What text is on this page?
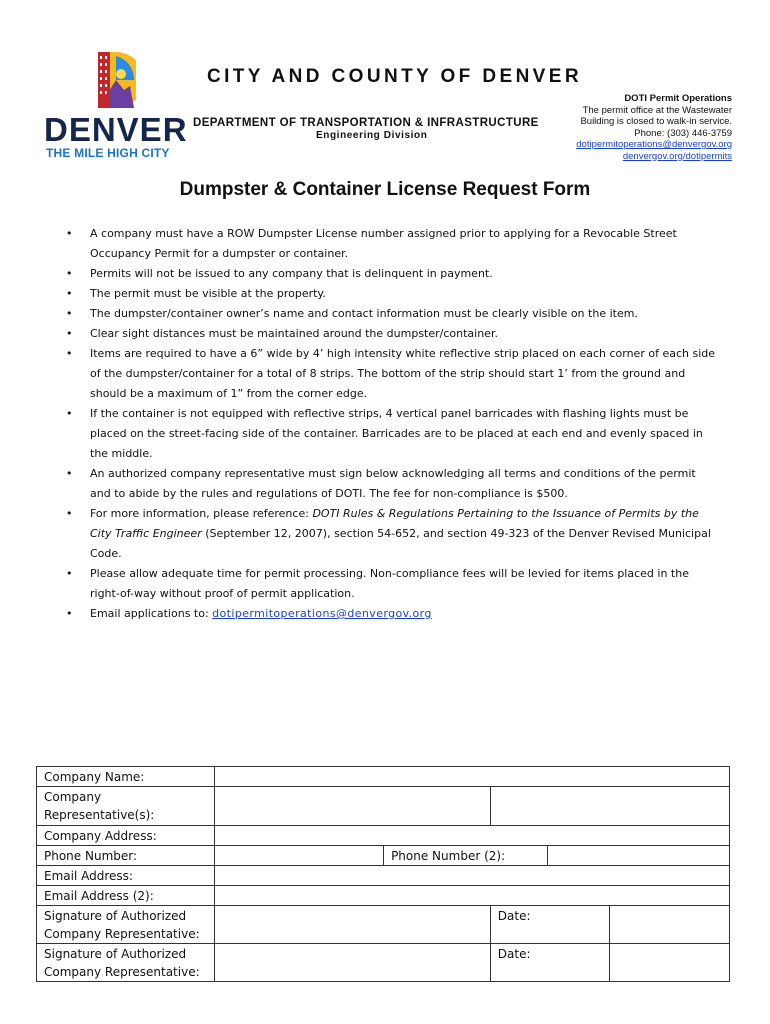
DENVER
THE MILE HIGH CITY
CITY AND COUNTY OF DENVER
DEPARTMENT OF TRANSPORTATION & INFRASTRUCTURE
Engineering Division
DOTI Permit Operations
The permit office at the Wastewater
Building is closed to walk-in service.
Phone: (303) 446-3759
dotipermitoperations@denvergov.org
denvergov.org/dotipermits
Dumpster & Container License Request Form
• A company must have a ROW Dumpster License number assigned prior to applying for a Revocable Street
Occupancy Permit for a dumpster or container.
• Permits will not be issued to any company that is delinquent in payment.
• The permit must be visible at the property.
• The dumpster/container owner’s name and contact information must be clearly visible on the item.
• Clear sight distances must be maintained around the dumpster/container.
• Items are required to have a 6” wide by 4’ high intensity white reflective strip placed on each corner of each side
of the dumpster/container for a total of 8 strips. The bottom of the strip should start 1’ from the ground and
should be a maximum of 1” from the corner edge.
• If the container is not equipped with reflective strips, 4 vertical panel barricades with flashing lights must be
placed on the street-facing side of the container. Barricades are to be placed at each end and evenly spaced in
the middle.
• An authorized company representative must sign below acknowledging all terms and conditions of the permit
and to abide by the rules and regulations of DOTI. The fee for non-compliance is $500.
• For more information, please reference: DOTI Rules & Regulations Pertaining to the Issuance of Permits by the
City Traffic Engineer (September 12, 2007), section 54-652, and section 49-323 of the Denver Revised Municipal
Code.
• Please allow adequate time for permit processing. Non-compliance fees will be levied for items placed in the
right-of-way without proof of permit application.
• Email applications to: dotipermitoperations@denvergov.org
Company Name:					

Company
Representative(s):					

Company Address:					
Phone Number:		Phone Number (2):			
Email Address:					
Email Address (2):					

Signature of Authorized
Company Representative:			Date:		

Signature of Authorized
Company Representative:			Date:		
